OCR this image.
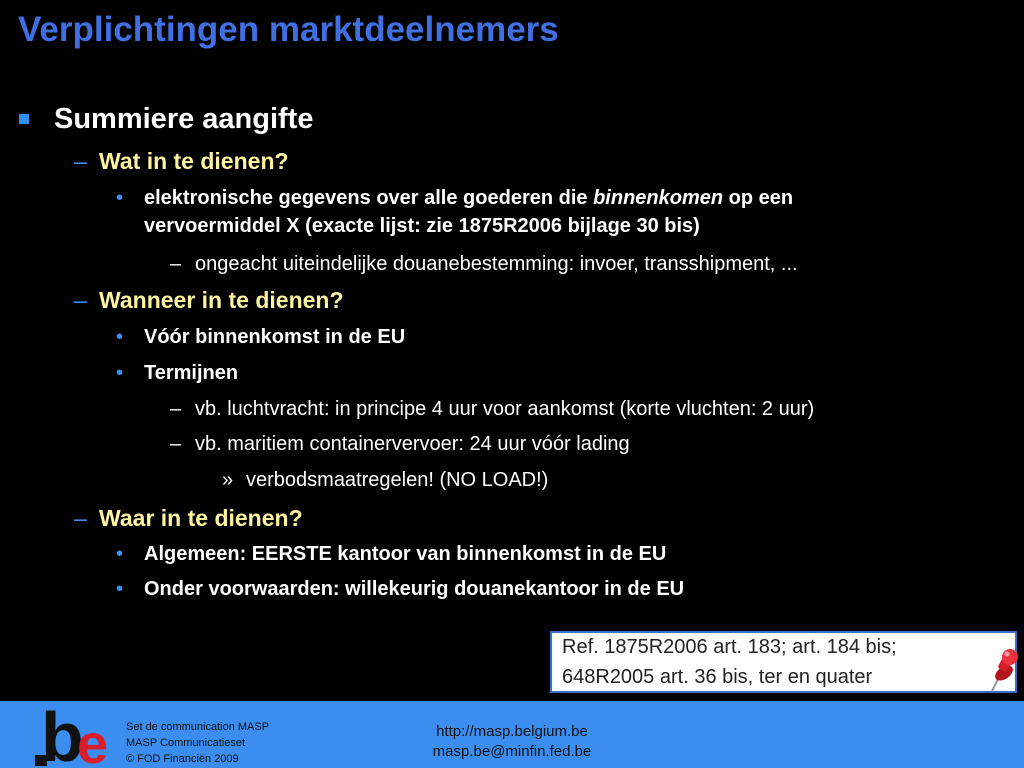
Verplichtingen marktdeelnemers
Summiere aangifte
– Wat in te dienen?
• elektronische gegevens over alle goederen die binnenkomen op een
vervoermiddel X (exacte lijst: zie 1875R2006 bijlage 30 bis)
– ongeacht uiteindelijke douanebestemming: invoer, transshipment, ...
– Wanneer in te dienen?
• Vóór binnenkomst in de EU
• Termijnen
– vb. luchtvracht: in principe 4 uur voor aankomst (korte vluchten: 2 uur)
– vb. maritiem containervervoer: 24 uur vóór lading
» verbodsmaatregelen! (NO LOAD!)
– Waar in te dienen?
• Algemeen: EERSTE kantoor van binnenkomst in de EU
• Onder voorwaarden: willekeurig douanekantoor in de EU
Ref. 1875R2006 art. 183; art. 184 bis;
648R2005 art. 36 bis, ter en quater
b
e Set de communication MASP
MASP Communicatieset
© FOD Financiën 2009
http://masp.belgium.be
masp.be@minfin.fed.be
